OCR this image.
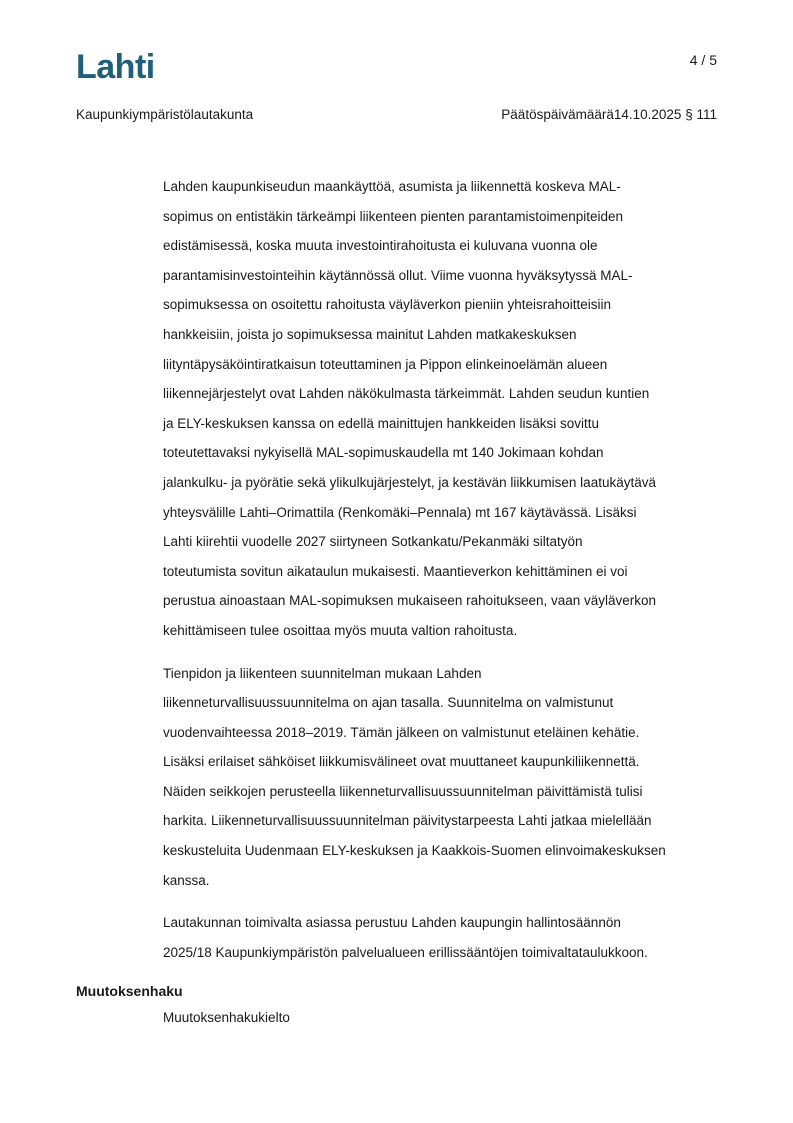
Lahti	4 / 5
Kaupunkiympäristölautakunta	Päätöspäivämäärä14.10.2025 § 111
Lahden kaupunkiseudun maankäyttöä, asumista ja liikennettä koskeva MAL-
sopimus on entistäkin tärkeämpi liikenteen pienten parantamistoimenpiteiden
edistämisessä, koska muuta investointirahoitusta ei kuluvana vuonna ole
parantamisinvestointeihin käytännössä ollut. Viime vuonna hyväksytyssä MAL-
sopimuksessa on osoitettu rahoitusta väyläverkon pieniin yhteisrahoitteisiin
hankkeisiin, joista jo sopimuksessa mainitut Lahden matkakeskuksen
liityntäpysäköintiratkaisun toteuttaminen ja Pippon elinkeinoelämän alueen
liikennejärjestelyt ovat Lahden näkökulmasta tärkeimmät. Lahden seudun kuntien
ja ELY-keskuksen kanssa on edellä mainittujen hankkeiden lisäksi sovittu
toteutettavaksi nykyisellä MAL-sopimuskaudella mt 140 Jokimaan kohdan
jalankulku- ja pyörätie sekä ylikulkujärjestelyt, ja kestävän liikkumisen laatukäytävä
yhteysvälille Lahti–Orimattila (Renkomäki–Pennala) mt 167 käytävässä. Lisäksi
Lahti kiirehtii vuodelle 2027 siirtyneen Sotkankatu/Pekanmäki siltatyön
toteutumista sovitun aikataulun mukaisesti. Maantieverkon kehittäminen ei voi
perustua ainoastaan MAL-sopimuksen mukaiseen rahoitukseen, vaan väyläverkon
kehittämiseen tulee osoittaa myös muuta valtion rahoitusta.
Tienpidon ja liikenteen suunnitelman mukaan Lahden
liikenneturvallisuussuunnitelma on ajan tasalla. Suunnitelma on valmistunut
vuodenvaihteessa 2018–2019. Tämän jälkeen on valmistunut eteläinen kehätie.
Lisäksi erilaiset sähköiset liikkumisvälineet ovat muuttaneet kaupunkiliikennettä.
Näiden seikkojen perusteella liikenneturvallisuussuunnitelman päivittämistä tulisi
harkita. Liikenneturvallisuussuunnitelman päivitystarpeesta Lahti jatkaa mielellään
keskusteluita Uudenmaan ELY-keskuksen ja Kaakkois-Suomen elinvoimakeskuksen
kanssa.
Lautakunnan toimivalta asiassa perustuu Lahden kaupungin hallintosäännön
2025/18 Kaupunkiympäristön palvelualueen erillissääntöjen toimivaltataulukkoon.
Muutoksenhaku
Muutoksenhakukielto
